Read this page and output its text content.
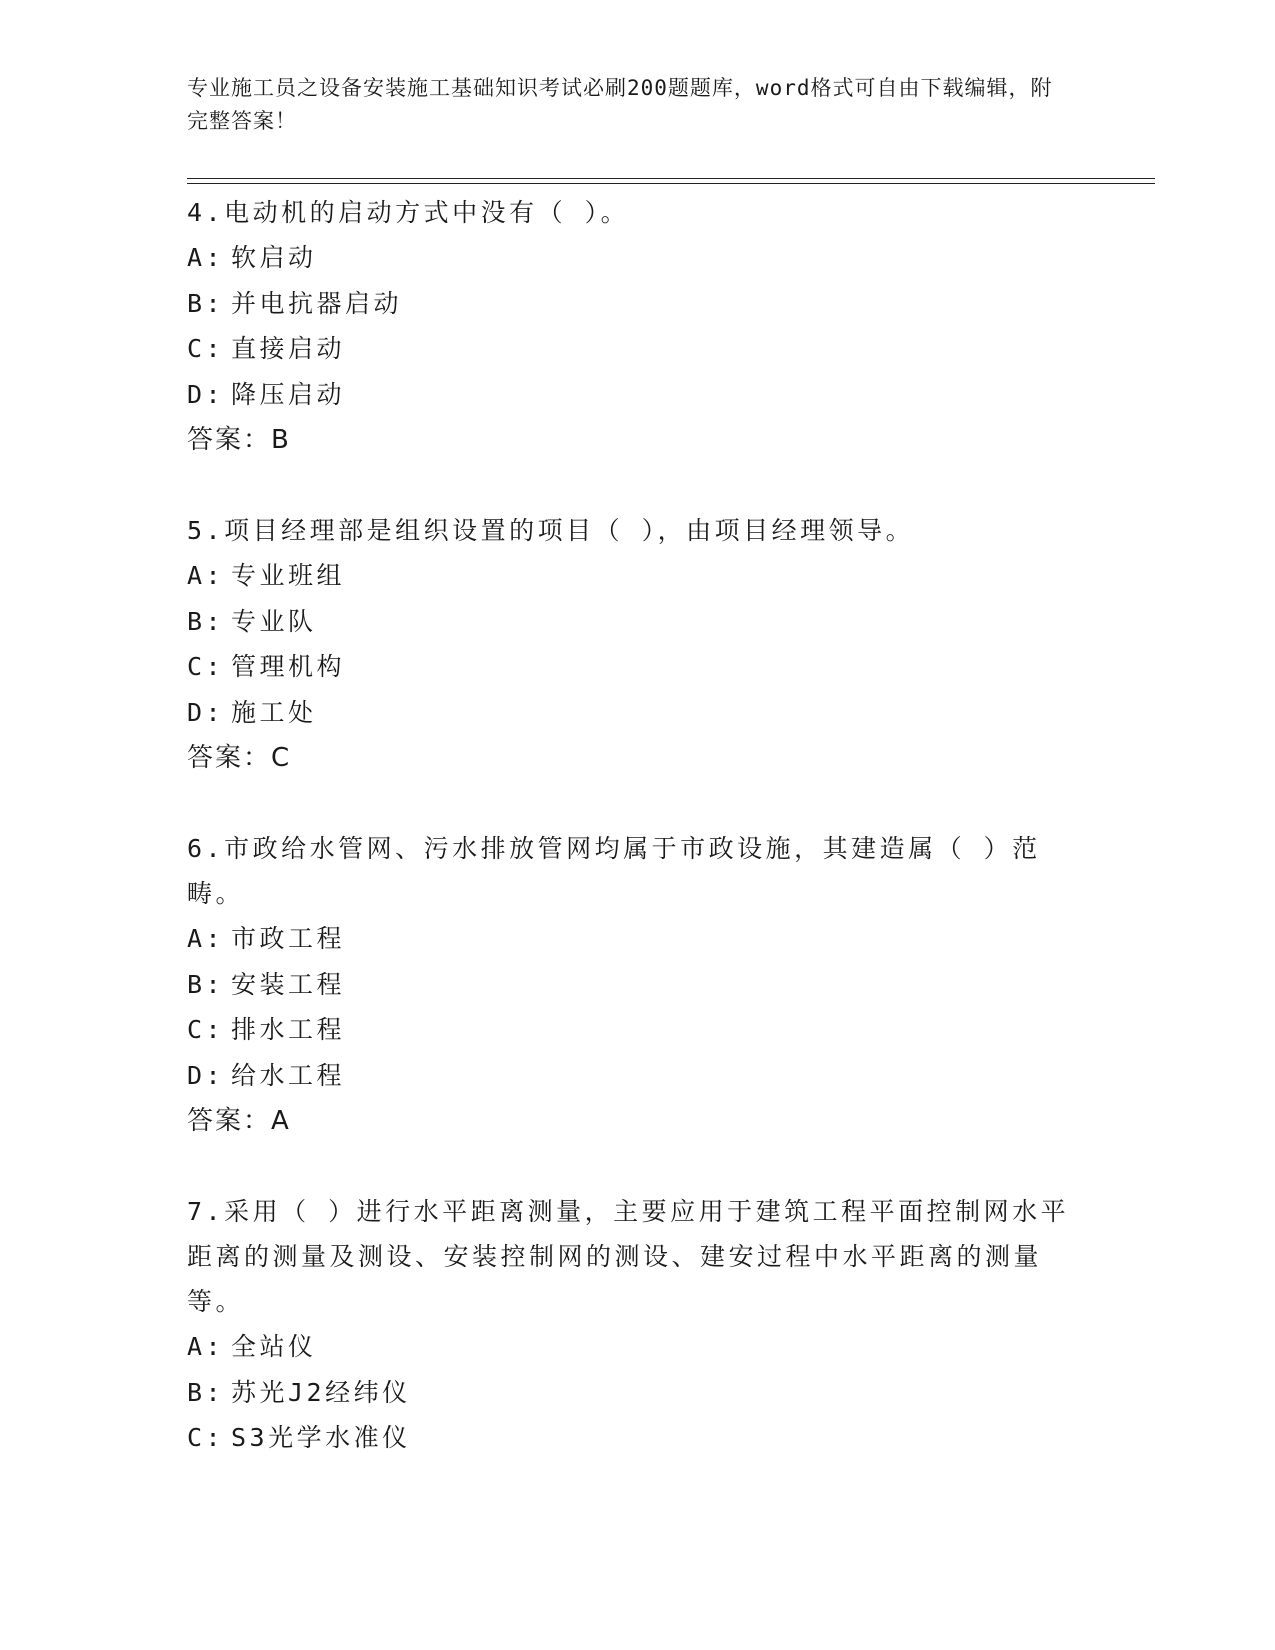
专业施工员之设备安装施工基础知识考试必刷200题题库，word格式可自由下载编辑，附完整答案！

4.电动机的启动方式中没有（ ）。

A: 软启动

B: 并电抗器启动

C: 直接启动

D: 降压启动

答案：B

5.项目经理部是组织设置的项目（ ），由项目经理领导。

A: 专业班组

B: 专业队

C: 管理机构

D: 施工处

答案：C

6.市政给水管网、污水排放管网均属于市政设施，其建造属（ ）范畴。

A: 市政工程

B: 安装工程

C: 排水工程

D: 给水工程

答案：A

7.采用（ ）进行水平距离测量，主要应用于建筑工程平面控制网水平距离的测量及测设、安装控制网的测设、建安过程中水平距离的测量等。

A: 全站仪

B: 苏光J2经纬仪

C: S3光学水准仪
